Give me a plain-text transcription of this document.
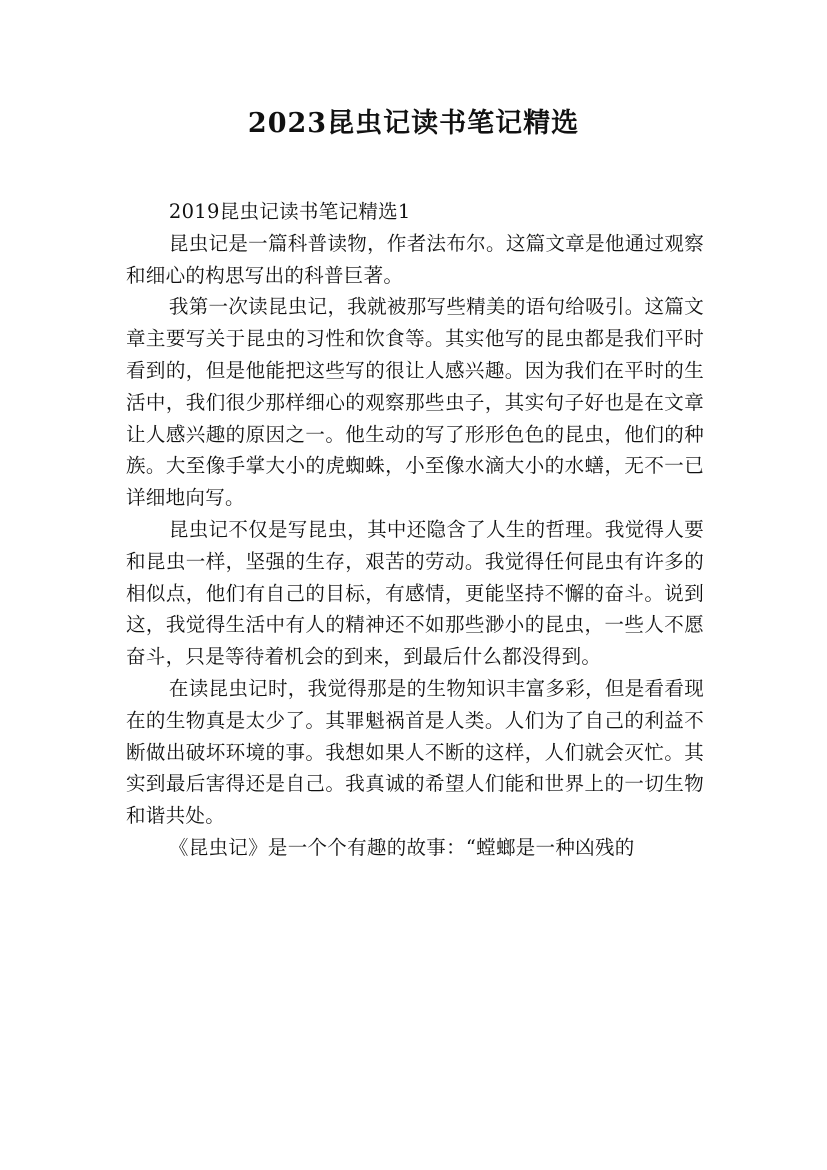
2023昆虫记读书笔记精选

2019昆虫记读书笔记精选1

昆虫记是一篇科普读物，作者法布尔。这篇文章是他通过观察和细心的构思写出的科普巨著。

我第一次读昆虫记，我就被那写些精美的语句给吸引。这篇文章主要写关于昆虫的习性和饮食等。其实他写的昆虫都是我们平时看到的，但是他能把这些写的很让人感兴趣。因为我们在平时的生活中，我们很少那样细心的观察那些虫子，其实句子好也是在文章让人感兴趣的原因之一。他生动的写了形形色色的昆虫，他们的种族。大至像手掌大小的虎蜘蛛，小至像水滴大小的水蟮，无不一已详细地向写。

昆虫记不仅是写昆虫，其中还隐含了人生的哲理。我觉得人要和昆虫一样，坚强的生存，艰苦的劳动。我觉得任何昆虫有许多的相似点，他们有自己的目标，有感情，更能坚持不懈的奋斗。说到这，我觉得生活中有人的精神还不如那些渺小的昆虫，一些人不愿奋斗，只是等待着机会的到来，到最后什么都没得到。

在读昆虫记时，我觉得那是的生物知识丰富多彩，但是看看现在的生物真是太少了。其罪魁祸首是人类。人们为了自己的利益不断做出破坏环境的事。我想如果人不断的这样，人们就会灭忙。其实到最后害得还是自己。我真诚的希望人们能和世界上的一切生物和谐共处。

《昆虫记》是一个个有趣的故事：“螳螂是一种凶残的
